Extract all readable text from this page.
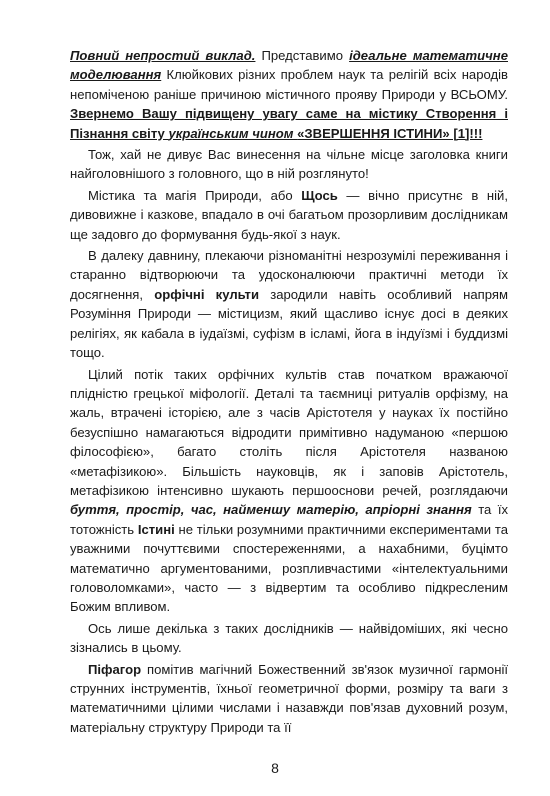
Повний непростий виклад. Представимо ідеальне математичне моделювання Клюйкових різних проблем наук та релігій всіх народів непоміченою раніше причиною містичного прояву Природи у ВСЬОМУ. Звернемо Вашу підвищену увагу саме на містику Створення і Пізнання світу українським чином «ЗВЕРШЕННЯ ІСТИНИ» [1]!!!

Тож, хай не дивує Вас винесення на чільне місце заголовка книги найголовнішого з головного, що в ній розглянуто!

Містика та магія Природи, або Щось — вічно присутнє в ній, дивовижне і казкове, впадало в очі багатьом прозорливим дослідникам ще задовго до формування будь-якої з наук.

В далеку давнину, плекаючи різноманітні незрозумілі переживання і старанно відтворюючи та удосконалюючи практичні методи їх досягнення, орфічні культи зародили навіть особливий напрям Розуміння Природи — містицизм, який щасливо існує досі в деяких релігіях, як кабала в іудаїзмі, суфізм в ісламі, йога в індуїзмі і буддизмі тощо.

Цілий потік таких орфічних культів став початком вражаючої плідністю грецької міфології. Деталі та таємниці ритуалів орфізму, на жаль, втрачені історією, але з часів Арістотеля у науках їх постійно безуспішно намагаються відродити примітивно надуманою «першою філософією», багато століть після Арістотеля названою «метафізикою». Більшість науковців, як і заповів Арістотель, метафізикою інтенсивно шукають першооснови речей, розглядаючи буття, простір, час, найменшу матерію, апріорні знання та їх тотожність Істині не тільки розумними практичними експериментами та уважними почуттєвими спостереженнями, а нахабними, буцімто математично аргументованими, розпливчастими «інтелектуальними головоломками», часто — з відвертим та особливо підкресленим Божим впливом.

Ось лише декілька з таких дослідників — найвідоміших, які чесно зізнались в цьому.

Піфагор помітив магічний Божественний зв'язок музичної гармонії струнних інструментів, їхньої геометричної форми, розміру та ваги з математичними цілими числами і назавжди пов'язав духовний розум, матеріальну структуру Природи та її

8
